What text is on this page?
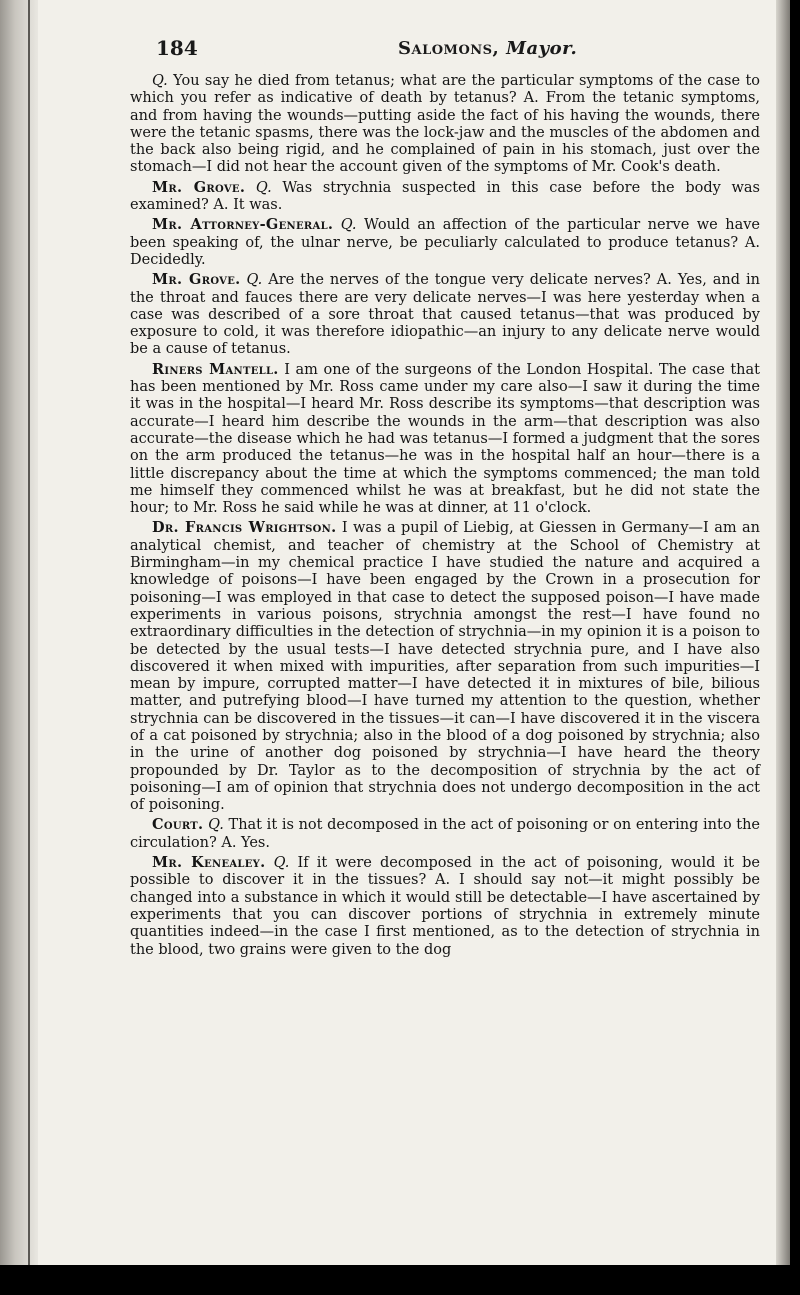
184	Salomons, Mayor.

Q. You say he died from tetanus; what are the particular symptoms of the case to which you refer as indicative of death by tetanus? A. From the tetanic symptoms, and from having the wounds—putting aside the fact of his having the wounds, there were the tetanic spasms, there was the lock-jaw and the muscles of the abdomen and the back also being rigid, and he complained of pain in his stomach, just over the stomach—I did not hear the account given of the symptoms of Mr. Cook's death.

Mr. Grove. Q. Was strychnia suspected in this case before the body was examined? A. It was.

Mr. Attorney-General. Q. Would an affection of the particular nerve we have been speaking of, the ulnar nerve, be peculiarly calculated to produce tetanus? A. Decidedly.

Mr. Grove. Q. Are the nerves of the tongue very delicate nerves? A. Yes, and in the throat and fauces there are very delicate nerves—I was here yesterday when a case was described of a sore throat that caused tetanus—that was produced by exposure to cold, it was therefore idiopathic—an injury to any delicate nerve would be a cause of tetanus.

Riners Mantell. I am one of the surgeons of the London Hospital. The case that has been mentioned by Mr. Ross came under my care also—I saw it during the time it was in the hospital—I heard Mr. Ross describe its symptoms—that description was accurate—I heard him describe the wounds in the arm—that description was also accurate—the disease which he had was tetanus—I formed a judgment that the sores on the arm produced the tetanus—he was in the hospital half an hour—there is a little discrepancy about the time at which the symptoms commenced; the man told me himself they commenced whilst he was at breakfast, but he did not state the hour; to Mr. Ross he said while he was at dinner, at 11 o'clock.

Dr. Francis Wrightson. I was a pupil of Liebig, at Giessen in Germany—I am an analytical chemist, and teacher of chemistry at the School of Chemistry at Birmingham—in my chemical practice I have studied the nature and acquired a knowledge of poisons—I have been engaged by the Crown in a prosecution for poisoning—I was employed in that case to detect the supposed poison—I have made experiments in various poisons, strychnia amongst the rest—I have found no extraordinary difficulties in the detection of strychnia—in my opinion it is a poison to be detected by the usual tests—I have detected strychnia pure, and I have also discovered it when mixed with impurities, after separation from such impurities—I mean by impure, corrupted matter—I have detected it in mixtures of bile, bilious matter, and putrefying blood—I have turned my attention to the question, whether strychnia can be discovered in the tissues—it can—I have discovered it in the viscera of a cat poisoned by strychnia; also in the blood of a dog poisoned by strychnia; also in the urine of another dog poisoned by strychnia—I have heard the theory propounded by Dr. Taylor as to the decomposition of strychnia by the act of poisoning—I am of opinion that strychnia does not undergo decomposition in the act of poisoning.

Court. Q. That it is not decomposed in the act of poisoning or on entering into the circulation? A. Yes.

Mr. Kenealey. Q. If it were decomposed in the act of poisoning, would it be possible to discover it in the tissues? A. I should say not—it might possibly be changed into a substance in which it would still be detectable—I have ascertained by experiments that you can discover portions of strychnia in extremely minute quantities indeed—in the case I first mentioned, as to the detection of strychnia in the blood, two grains were given to the dog
